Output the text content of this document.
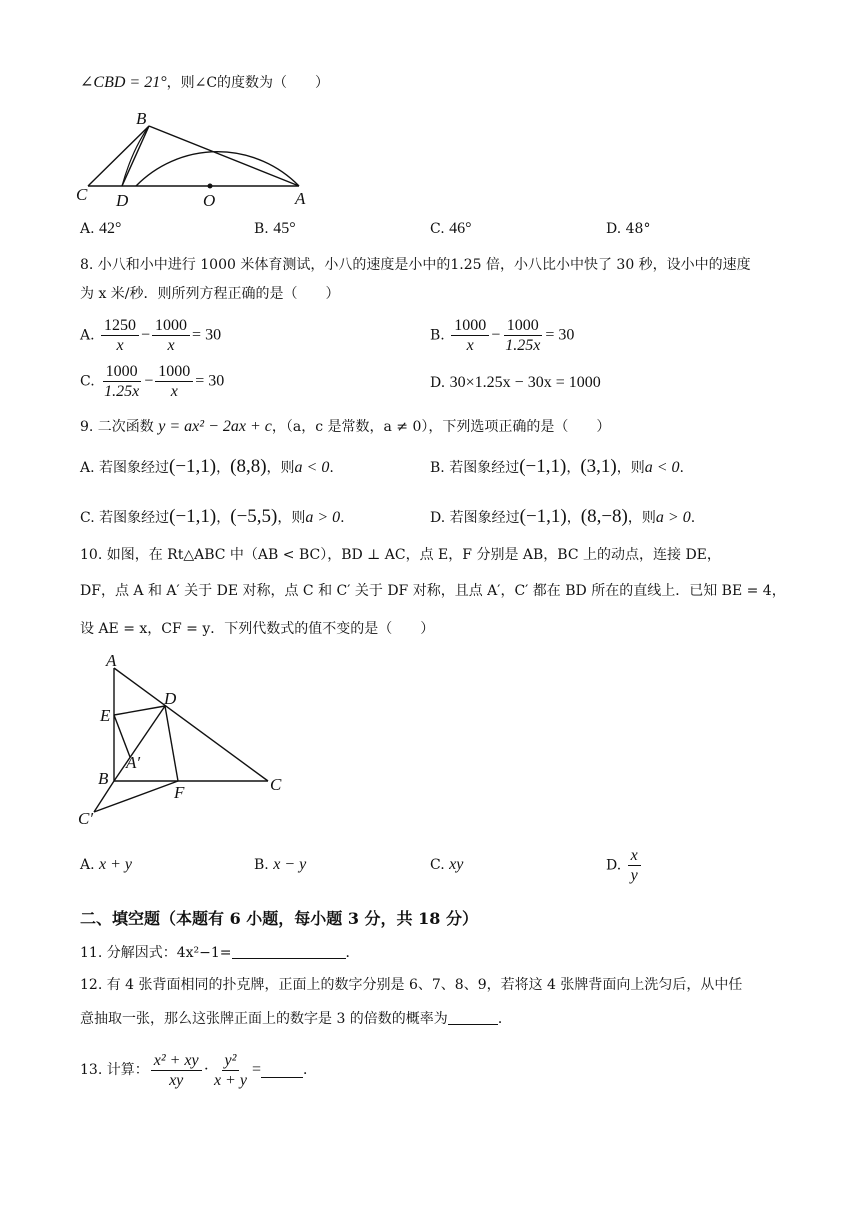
∠CBD = 21°，则∠C的度数为（　　）
B
C D	O	A
A. 42°	B. 45°	C. 46°	D. 48°
8. 小八和小中进行 1000 米体育测试，小八的速度是小中的1.25 倍，小八比小中快了 30 秒，设小中的速度
为 x 米/秒．则所列方程正确的是（　　）
A. $\frac{1250}{x} - \frac{1000}{x} = 30$	B. $\frac{1000}{x} - \frac{1000}{1.25x} = 30$
C. $\frac{1000}{1.25x} - \frac{1000}{x} = 30$	D. 30×1.25x − 30x = 1000
9. 二次函数 y = ax² − 2ax + c，（a，c 是常数，a ≠ 0），下列选项正确的是（　　）
A. 若图象经过(−1,1)，(8,8)，则a < 0.	B. 若图象经过(−1,1)，(3,1)，则a < 0.
C. 若图象经过(−1,1)，(−5,5)，则a > 0.	D. 若图象经过(−1,1)，(8,−8)，则a > 0.
10. 如图，在 Rt△ABC 中（AB < BC），BD ⊥ AC，点 E，F 分别是 AB，BC 上的动点，连接 DE，
DF，点 A 和 A′ 关于 DE 对称，点 C 和 C′ 关于 DF 对称，且点 A′，C′ 都在 BD 所在的直线上．已知 BE = 4，
设 AE = x，CF = y．下列代数式的值不变的是（　　）
A
D
E
A′
B
F	C
C′
A. x + y	B. x − y	C. xy	D. $\frac{x}{y}$
二、填空题（本题有 6 小题，每小题 3 分，共 18 分）
11. 分解因式：4x²−1=	．
12. 有 4 张背面相同的扑克牌，正面上的数字分别是 6、7、8、9，若将这 4 张牌背面向上洗匀后，从中任
意抽取一张，那么这张牌正面上的数字是 3 的倍数的概率为	．
13. 计算： $\frac{\text{x² + xy}}{xy} \cdot \frac{\text{y²}}{x + y}$ =	．
